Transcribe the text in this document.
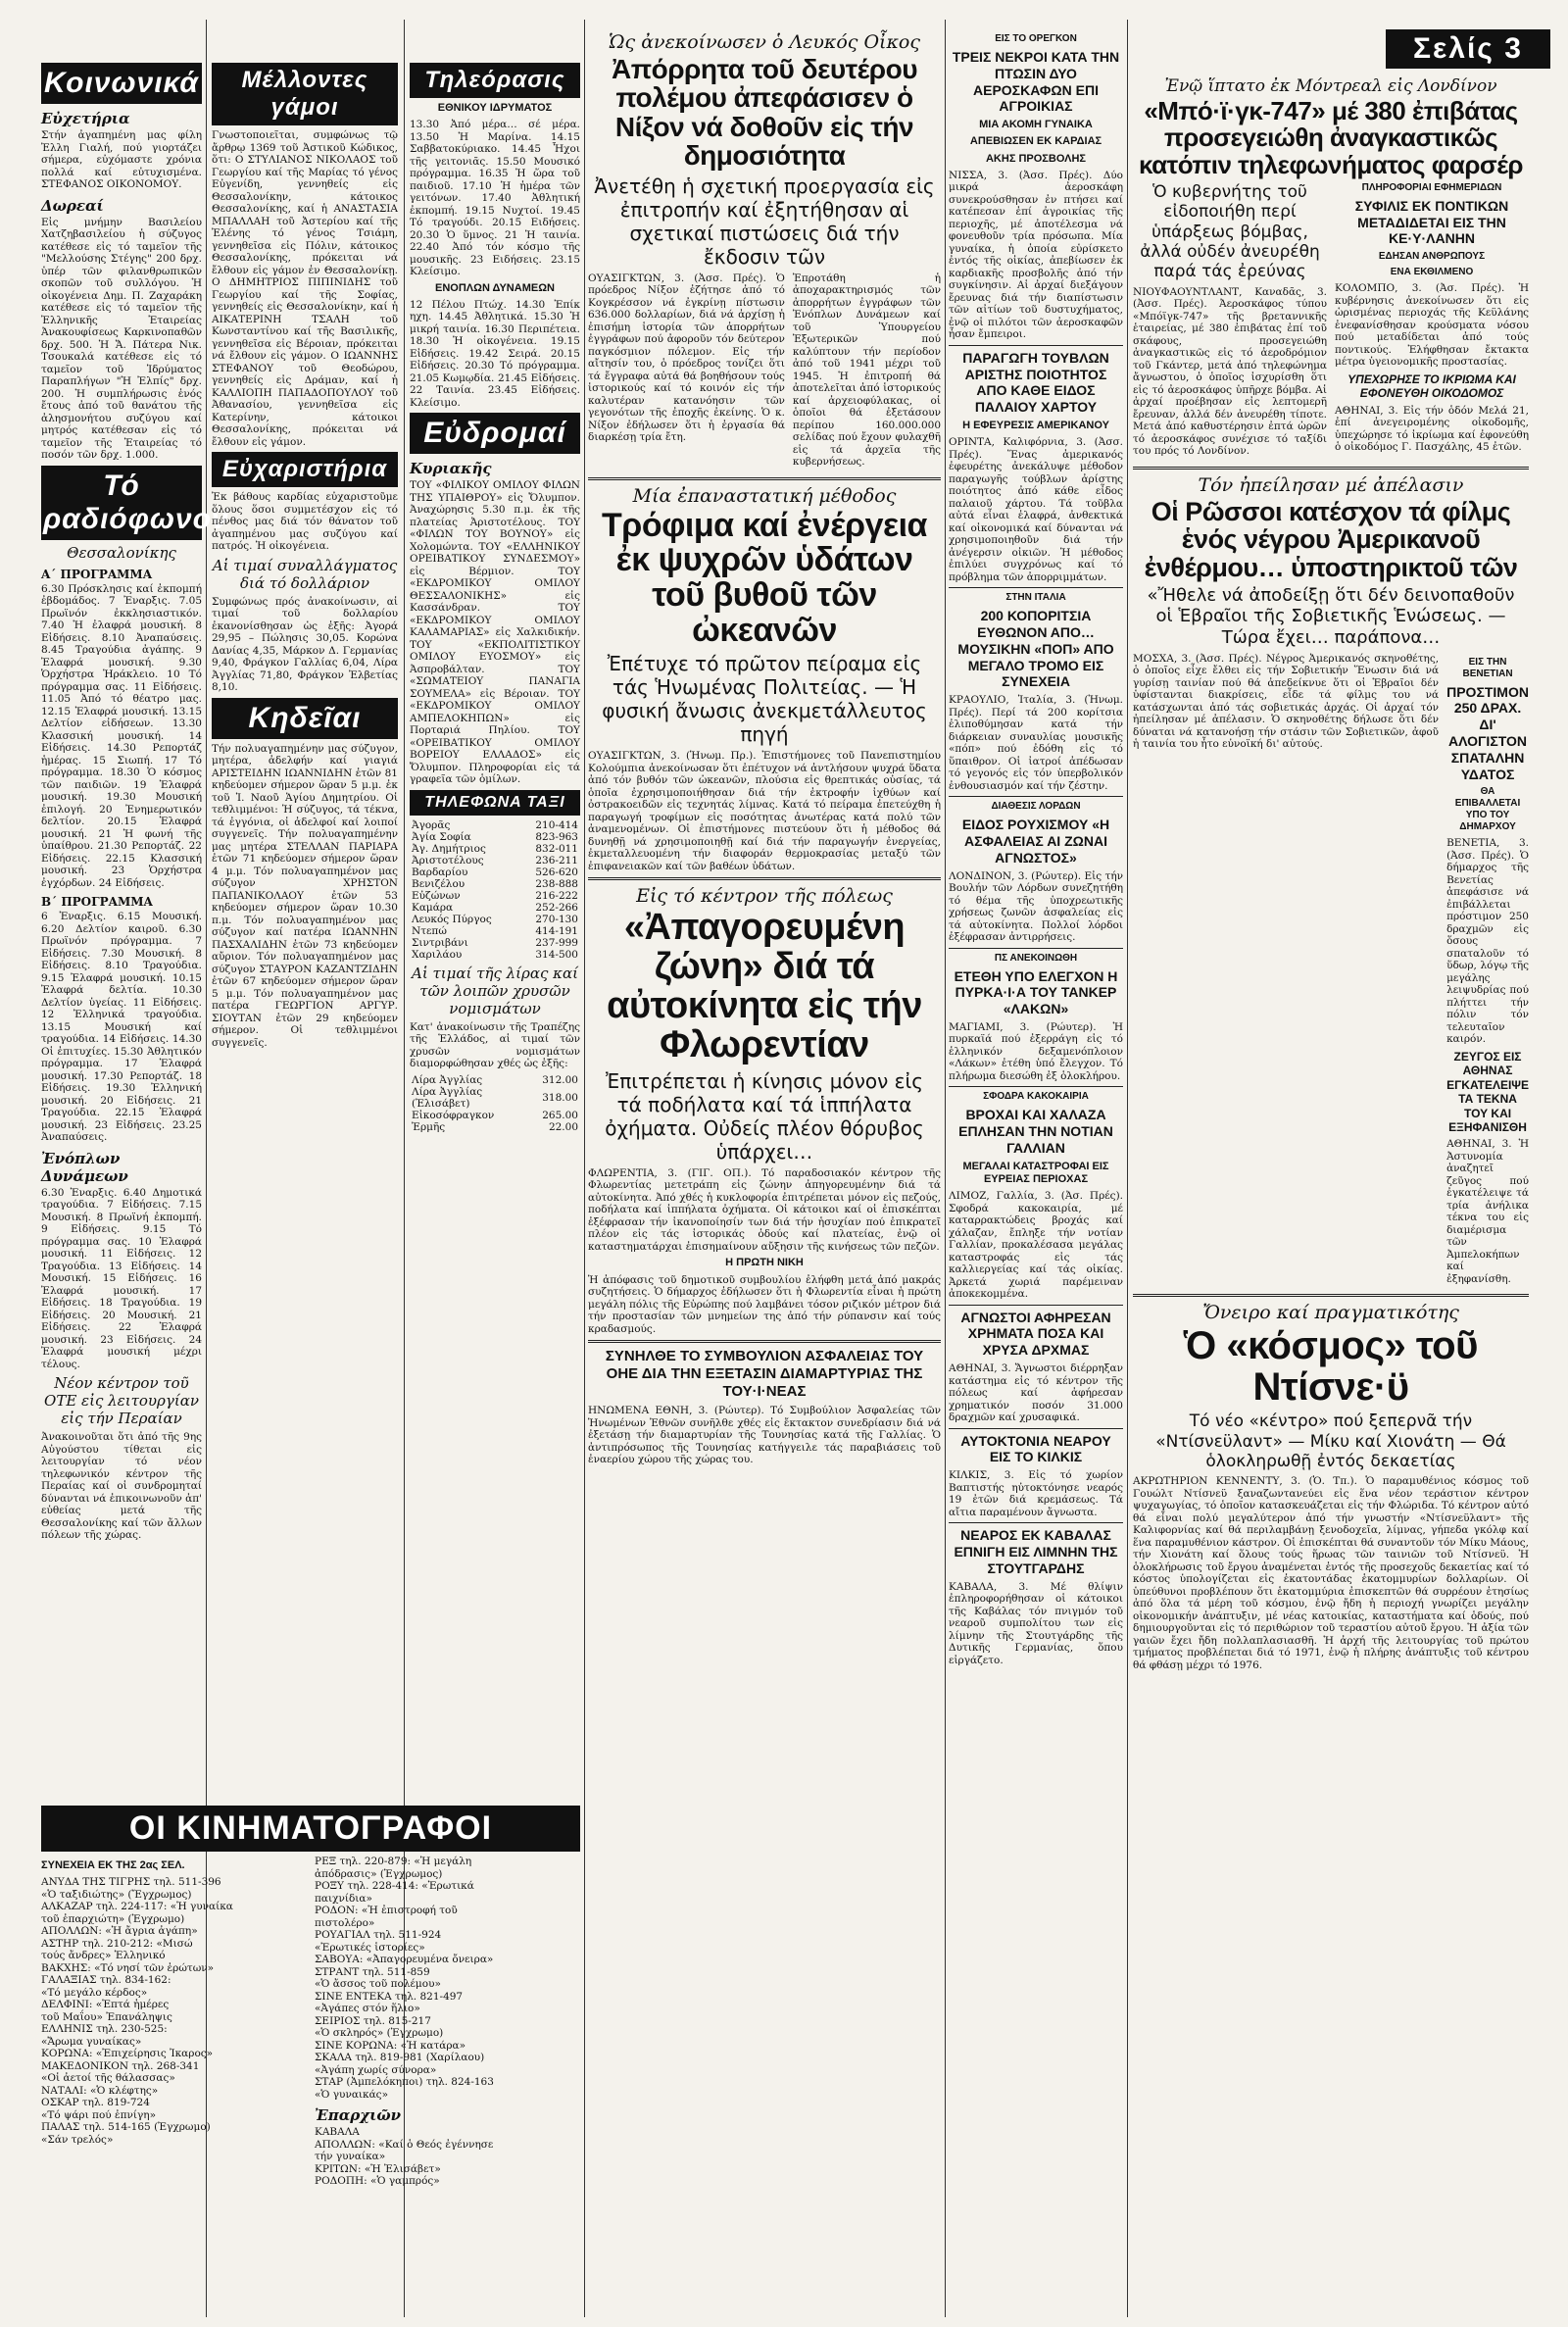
Σελίς 3
Κοινωνικά
Εὐχετήρια

Στήν ἀγαπημένη μας φίλη Ἐλλη Γιαλή, πού γιορτάζει σήμερα, εὐχόμαστε χρόνια πολλά καί εὐτυχισμένα. ΣΤΕΦΑΝΟΣ ΟΙΚΟΝΟΜΟΥ.

Δωρεαί

Εἰς μνήμην Βασιλείου Χατζηβασιλείου ἡ σύζυγος κατέθεσε εἰς τό ταμεῖον τῆς "Μελλούσης Στέγης" 200 δρχ. ὑπέρ τῶν φιλανθρωπικῶν σκοπῶν τοῦ συλλόγου. Ἡ οἰκογένεια Δημ. Π. Ζαχαράκη κατέθεσε εἰς τό ταμεῖον τῆς Ἐλληνικῆς Ἐταιρείας Ἀνακουφίσεως Καρκινοπαθῶν δρχ. 500. Ἡ Ἄ. Πάτερα Νικ. Τσουκαλά κατέθεσε εἰς τό ταμεῖον τοῦ Ἱδρύματος Παραπλήγων "Ἡ Ἐλπίς" δρχ. 200. Ἡ συμπλήρωσις ἑνός ἔτους ἀπό τοῦ θανάτου τῆς ἀλησμονήτου συζύγου καί μητρός κατέθεσαν εἰς τό ταμεῖον τῆς Ἐταιρείας τό ποσόν τῶν δρχ. 1.000.

Τό ραδιόφωνον
Θεσσαλονίκης
Α΄ ΠΡΟΓΡΑΜΜΑ

6.30 Πρόσκλησις καί ἐκπομπή ἐβδομάδος. 7 Ἐναρξις. 7.05 Πρωϊνόν ἐκκλησιαστικόν. 7.40 Ἡ ἐλαφρά μουσική. 8 Εἰδήσεις. 8.10 Ἀναπαύσεις. 8.45 Τραγούδια ἀγάπης. 9 Ἐλαφρά μουσική. 9.30 Ὁρχήστρα Ἡράκλειο. 10 Τό πρόγραμμα σας. 11 Εἰδήσεις. 11.05 Ἀπό τό θέατρο μας. 12.15 Ἐλαφρά μουσική. 13.15 Δελτίον εἰδήσεων. 13.30 Κλασσική μουσική. 14 Εἰδήσεις. 14.30 Ρεπορτάζ ἡμέρας. 15 Σιωπή. 17 Τό πρόγραμμα. 18.30 Ὁ κόσμος τῶν παιδιῶν. 19 Ἐλαφρά μουσική. 19.30 Μουσική ἐπιλογή. 20 Ἐνημερωτικόν δελτίον. 20.15 Ἐλαφρά μουσική. 21 Ἡ φωνή τῆς ὑπαίθρου. 21.30 Ρεπορτάζ. 22 Εἰδήσεις. 22.15 Κλασσική μουσική. 23 Ὁρχήστρα ἐγχόρδων. 24 Εἰδήσεις.

Β΄ ΠΡΟΓΡΑΜΜΑ

6 Ἐναρξις. 6.15 Μουσική. 6.20 Δελτίον καιροῦ. 6.30 Πρωϊνόν πρόγραμμα. 7 Εἰδήσεις. 7.30 Μουσική. 8 Εἰδήσεις. 8.10 Τραγούδια. 9.15 Ἐλαφρά μουσική. 10.15 Ἐλαφρά δελτία. 10.30 Δελτίον ὑγείας. 11 Εἰδήσεις. 12 Ἐλληνικά τραγούδια. 13.15 Μουσική καί τραγούδια. 14 Εἰδήσεις. 14.30 Οἱ ἐπιτυχίες. 15.30 Ἀθλητικόν πρόγραμμα. 17 Ἐλαφρά μουσική. 17.30 Ρεπορτάζ. 18 Εἰδήσεις. 19.30 Ἐλληνική μουσική. 20 Εἰδήσεις. 21 Τραγούδια. 22.15 Ἐλαφρά μουσική. 23 Εἰδήσεις. 23.25 Ἀναπαύσεις.

Ἐνόπλων Δυνάμεων

6.30 Ἐναρξις. 6.40 Δημοτικά τραγούδια. 7 Εἰδήσεις. 7.15 Μουσική. 8 Πρωϊνή ἐκπομπή. 9 Εἰδήσεις. 9.15 Τό πρόγραμμα σας. 10 Ἐλαφρά μουσική. 11 Εἰδήσεις. 12 Τραγούδια. 13 Εἰδήσεις. 14 Μουσική. 15 Εἰδήσεις. 16 Ἐλαφρά μουσική. 17 Εἰδήσεις. 18 Τραγούδια. 19 Εἰδήσεις. 20 Μουσική. 21 Εἰδήσεις. 22 Ἐλαφρά μουσική. 23 Εἰδήσεις. 24 Ἐλαφρά μουσική μέχρι τέλους.

Νέον κέντρον τοῦ ΟΤΕ εἰς λειτουργίαν εἰς τήν Περαίαν

Ἀνακοινοῦται ὅτι ἀπό τῆς 9ης Αὐγούστου τίθεται εἰς λειτουργίαν τό νέον τηλεφωνικόν κέντρον τῆς Περαίας καί οἱ συνδρομηταί δύνανται νά ἐπικοινωνοῦν ἀπ' εὐθείας μετά τῆς Θεσσαλονίκης καί τῶν ἄλλων πόλεων τῆς χώρας.

Μέλλοντες γάμοι

Γνωστοποιεῖται, συμφώνως τῷ ἄρθρῳ 1369 τοῦ Ἀστικοῦ Κώδικος, ὅτι: Ο ΣΤΥΛΙΑΝΟΣ ΝΙΚΟΛΑΟΣ τοῦ Γεωργίου καί τῆς Μαρίας τό γένος Εὐγενίδη, γεννηθείς εἰς Θεσσαλονίκην, κάτοικος Θεσσαλονίκης, καί ἡ ΑΝΑΣΤΑΣΙΑ ΜΠΑΛΛΑΗ τοῦ Ἀστερίου καί τῆς Ἐλένης τό γένος Τσιάμη, γεννηθεῖσα εἰς Πόλιν, κάτοικος Θεσσαλονίκης, πρόκειται νά ἔλθουν εἰς γάμον ἐν Θεσσαλονίκῃ. Ο ΔΗΜΗΤΡΙΟΣ ΠΙΠΙΝΙΔΗΣ τοῦ Γεωργίου καί τῆς Σοφίας, γεννηθείς εἰς Θεσσαλονίκην, καί ἡ ΑΙΚΑΤΕΡΙΝΗ ΤΣΑΛΗ τοῦ Κωνσταντίνου καί τῆς Βασιλικῆς, γεννηθεῖσα εἰς Βέροιαν, πρόκειται νά ἔλθουν εἰς γάμον. Ο ΙΩΑΝΝΗΣ ΣΤΕΦΑΝΟΥ τοῦ Θεοδώρου, γεννηθείς εἰς Δράμαν, καί ἡ ΚΑΛΛΙΟΠΗ ΠΑΠΑΔΟΠΟΥΛΟΥ τοῦ Ἀθανασίου, γεννηθεῖσα εἰς Κατερίνην, κάτοικοι Θεσσαλονίκης, πρόκειται νά ἔλθουν εἰς γάμον.

Εὐχαριστήρια

Ἐκ βάθους καρδίας εὐχαριστοῦμε ὅλους ὅσοι συμμετέσχον εἰς τό πένθος μας διά τόν θάνατον τοῦ ἀγαπημένου μας συζύγου καί πατρός. Ἡ οἰκογένεια.

Αἱ τιμαί συναλλάγματος διά τό δολλάριον

Συμφώνως πρός ἀνακοίνωσιν, αἱ τιμαί τοῦ δολλαρίου ἐκανονίσθησαν ὡς ἑξῆς: Ἀγορά 29,95 – Πώλησις 30,05. Κορώνα Δανίας 4,35, Μάρκον Δ. Γερμανίας 9,40, Φράγκον Γαλλίας 6,04, Λίρα Ἀγγλίας 71,80, Φράγκον Ἐλβετίας 8,10.

Κηδεῖαι

Τήν πολυαγαπημένην μας σύζυγον, μητέρα, ἀδελφήν καί γιαγιά ΑΡΙΣΤΕΙΔΗΝ ΙΩΑΝΝΙΔΗΝ ἐτῶν 81 κηδεύομεν σήμερον ὥραν 5 μ.μ. ἐκ τοῦ Ἱ. Ναοῦ Ἁγίου Δημητρίου. Οἱ τεθλιμμένοι: Ἡ σύζυγος, τά τέκνα, τά ἐγγόνια, οἱ ἀδελφοί καί λοιποί συγγενεῖς. Τήν πολυαγαπημένην μας μητέρα ΣΤΕΛΛΑΝ ΠΑΡΙΑΡΑ ἐτῶν 71 κηδεύομεν σήμερον ὥραν 4 μ.μ. Τόν πολυαγαπημένον μας σύζυγον ΧΡΗΣΤΟΝ ΠΑΠΑΝΙΚΟΛΑΟΥ ἐτῶν 53 κηδεύομεν σήμερον ὥραν 10.30 π.μ. Τόν πολυαγαπημένον μας σύζυγον καί πατέρα ΙΩΑΝΝΗΝ ΠΑΣΧΑΛΙΔΗΝ ἐτῶν 73 κηδεύομεν αὔριον. Τόν πολυαγαπημένον μας σύζυγον ΣΤΑΥΡΟΝ ΚΑΖΑΝΤΖΙΔΗΝ ἐτῶν 67 κηδεύομεν σήμερον ὥραν 5 μ.μ. Τόν πολυαγαπημένον μας πατέρα ΓΕΩΡΓΙΟΝ ΑΡΓΥΡ. ΣΙΟΥΤΑΝ ἐτῶν 29 κηδεύομεν σήμερον. Οἱ τεθλιμμένοι συγγενεῖς.

Τηλεόρασις
ΕΘΝΙΚΟΥ ΙΔΡΥΜΑΤΟΣ

13.30 Ἀπό μέρα… σέ μέρα. 13.50 Ἡ Μαρίνα. 14.15 Σαββατοκύριακο. 14.45 Ἦχοι τῆς γειτονιᾶς. 15.50 Μουσικό πρόγραμμα. 16.35 Ἡ ὥρα τοῦ παιδιοῦ. 17.10 Ἡ ἡμέρα τῶν γειτόνων. 17.40 Ἀθλητική ἐκπομπή. 19.15 Νυχτοί. 19.45 Τό τραγούδι. 20.15 Ειδήσεις. 20.30 Ὁ ὕμνος. 21 Ἡ ταινία. 22.40 Ἀπό τόν κόσμο τῆς μουσικῆς. 23 Ειδήσεις. 23.15 Κλείσιμο.

ΕΝΟΠΛΩΝ ΔΥΝΑΜΕΩΝ

12 Πέλου Πτώχ. 14.30 Ἐπίκ ηχη. 14.45 Ἀθλητικά. 15.30 Ἡ μικρή ταινία. 16.30 Περιπέτεια. 18.30 Ἡ οἰκογένεια. 19.15 Εἰδήσεις. 19.42 Σειρά. 20.15 Εἰδήσεις. 20.30 Τό πρόγραμμα. 21.05 Κωμῳδία. 21.45 Εἰδήσεις. 22 Ταινία. 23.45 Εἰδήσεις. Κλείσιμο.

Εὐδρομαί
Κυριακῆς

ΤΟΥ «ΦΙΛΙΚΟΥ ΟΜΙΛΟΥ ΦΙΛΩΝ ΤΗΣ ΥΠΑΙΘΡΟΥ» εἰς Ὄλυμπον. Ἀναχώρησις 5.30 π.μ. ἐκ τῆς πλατείας Ἀριστοτέλους. ΤΟΥ «ΦΙΛΩΝ ΤΟΥ ΒΟΥΝΟΥ» εἰς Χολομώντα. ΤΟΥ «ΕΛΛΗΝΙΚΟΥ ΟΡΕΙΒΑΤΙΚΟΥ ΣΥΝΔΕΣΜΟΥ» εἰς Βέρμιον. ΤΟΥ «ΕΚΔΡΟΜΙΚΟΥ ΟΜΙΛΟΥ ΘΕΣΣΑΛΟΝΙΚΗΣ» εἰς Κασσάνδραν. ΤΟΥ «ΕΚΔΡΟΜΙΚΟΥ ΟΜΙΛΟΥ ΚΑΛΑΜΑΡΙΑΣ» εἰς Χαλκιδικήν. ΤΟΥ «ΕΚΠΟΛΙΤΙΣΤΙΚΟΥ ΟΜΙΛΟΥ ΕΥΟΣΜΟΥ» εἰς Ἀσπροβάλταν. ΤΟΥ «ΣΩΜΑΤΕΙΟΥ ΠΑΝΑΓΙΑ ΣΟΥΜΕΛΑ» εἰς Βέροιαν. ΤΟΥ «ΕΚΔΡΟΜΙΚΟΥ ΟΜΙΛΟΥ ΑΜΠΕΛΟΚΗΠΩΝ» εἰς Πορταριά Πηλίου. ΤΟΥ «ΟΡΕΙΒΑΤΙΚΟΥ ΟΜΙΛΟΥ ΒΟΡΕΙΟΥ ΕΛΛΑΔΟΣ» εἰς Ὄλυμπον. Πληροφορίαι εἰς τά γραφεῖα τῶν ὁμίλων.

ΤΗΛΕΦΩΝΑ ΤΑΞΙ
Ἀγορᾶς	210-414
Ἀγία Σοφία	823-963
Ἀγ. Δημήτριος	832-011
Ἀριστοτέλους	236-211
Βαρδαρίου	526-620
Βενιζέλου	238-888
Εὐζώνων	216-222
Καμάρα	252-266
Λευκός Πύργος	270-130
Ντεπώ	414-191
Σιντριβάνι	237-999
Χαριλάου	314-500
Αἱ τιμαί τῆς λίρας καί τῶν λοιπῶν χρυσῶν νομισμάτων

Κατ' ἀνακοίνωσιν τῆς Τραπέζης τῆς Ἑλλάδος, αἱ τιμαί τῶν χρυσῶν νομισμάτων διαμορφώθησαν χθές ὡς ἑξῆς:

Λίρα Ἀγγλίας	312.00
Λίρα Ἀγγλίας (Ἐλισάβετ)	318.00
Εἰκοσόφραγκον	265.00
Ἐρμῆς	22.00
ΟΙ ΚΙΝΗΜΑΤΟΓΡΑΦΟΙ
ΣΥΝΕΧΕΙΑ ΕΚ ΤΗΣ 2ας ΣΕΛ.
ΑΝΥΔΑ ΤΗΣ ΤΙΓΡΗΣ τηλ. 511-396
«Ὁ ταξιδιώτης» (Ἔγχρωμος)
ΑΛΚΑΖΑΡ τηλ. 224-117: «Ἡ γυναίκα
τοῦ ἐπαρχιώτη» (Ἐγχρωμο)
ΑΠΟΛΛΩΝ: «Ἡ ἄγρια ἀγάπη»
ΑΣΤΗΡ τηλ. 210-212: «Μισώ
τούς ἄνδρες» Ἑλληνικό
ΒΑΚΧΗΣ: «Τό νησί τῶν ἐρώτων»
ΓΑΛΑΞΙΑΣ τηλ. 834-162:
«Τό μεγάλο κέρδος»
ΔΕΛΦΙΝΙ: «Ἑπτά ἡμέρες
τοῦ Μαΐου» Ἐπανάληψις
ΕΛΛΗΝΙΣ τηλ. 230-525:
«Ἄρωμα γυναίκας»
ΚΟΡΩΝΑ: «Ἐπιχείρησις Ἰκαρος»
ΜΑΚΕΔΟΝΙΚΟΝ τηλ. 268-341
«Οἱ ἀετοί τῆς θάλασσας»
ΝΑΤΑΛΙ: «Ὁ κλέφτης»
ΟΣΚΑΡ τηλ. 819-724
«Τό ψάρι πού ἐπνίγη»
ΠΑΛΑΣ τηλ. 514-165 (Ἐγχρωμο)
«Σάν τρελός»
ΡΕΞ τηλ. 220-879: «Ἡ μεγάλη
ἀπόδρασις» (Ἐγχρωμος)
ΡΟΞΥ τηλ. 228-414: «Ἑρωτικά
παιχνίδια»
ΡΟΔΟΝ: «Ἡ ἐπιστροφή τοῦ
πιστολέρο»
ΡΟΥΑΓΙΑΛ τηλ. 511-924
«Ἐρωτικές ἱστορίες»
ΣΑΒΟΥΑ: «Ἀπαγορευμένα ὄνειρα»
ΣΤΡΑΝΤ τηλ. 511-859
«Ὁ ἄσσος τοῦ πολέμου»
ΣΙΝΕ ΕΝΤΕΚΑ τηλ. 821-497
«Ἀγάπες στόν ἥλιο»
ΣΕΙΡΙΟΣ τηλ. 815-217
«Ὁ σκληρός» (Ἐγχρωμο)
ΣΙΝΕ ΚΟΡΩΝΑ: «Ἡ κατάρα»
ΣΚΑΛΑ τηλ. 819-981 (Χαρίλαου)
«Ἀγάπη χωρίς σύνορα»
ΣΤΑΡ (Ἀμπελόκηποι) τηλ. 824-163
«Ὁ γυναικάς»
Ἐπαρχιῶν
ΚΑΒΑΛΑ
ΑΠΟΛΛΩΝ: «Καί ὁ Θεός ἐγέννησε
τήν γυναίκα»
ΚΡΙΤΩΝ: «Ἡ Ἐλισάβετ»
ΡΟΔΟΠΗ: «Ὁ γαμπρός»
Ὡς ἀνεκοίνωσεν ὁ Λευκός Οἶκος
Ἀπόρρητα τοῦ δευτέρου πολέμου ἀπεφάσισεν ὁ Νίξον νά δοθοῦν εἰς τήν δημοσιότητα
Ἀνετέθη ἡ σχετική προεργασία εἰς ἐπιτροπήν καί ἐξητήθησαν αἱ σχετικαί πιστώσεις διά τήν ἔκδοσιν τῶν

ΟΥΑΣΙΓΚΤΩΝ, 3. (Ἀσσ. Πρές). Ὁ πρόεδρος Νίξον ἐζήτησε ἀπό τό Κογκρέσσον νά ἐγκρίνῃ πίστωσιν 636.000 δολλαρίων, διά νά ἀρχίσῃ ἡ ἐπισήμη ἱστορία τῶν ἀπορρήτων ἐγγράφων πού ἀφοροῦν τόν δεύτερον παγκόσμιον πόλεμον. Εἰς τήν αἴτησίν του, ὁ πρόεδρος τονίζει ὅτι τά ἔγγραφα αὐτά θά βοηθήσουν τούς ἱστορικούς καί τό κοινόν εἰς τήν καλυτέραν κατανόησιν τῶν γεγονότων τῆς ἐποχῆς ἐκείνης. Ὁ κ. Νίξον ἐδήλωσεν ὅτι ἡ ἐργασία θά διαρκέσῃ τρία ἔτη.

Ἐπροτάθη ἡ ἀποχαρακτηρισμός τῶν ἀπορρήτων ἐγγράφων τῶν Ἐνόπλων Δυνάμεων καί τοῦ Ὑπουργείου Ἐξωτερικῶν πού καλύπτουν τήν περίοδον ἀπό τοῦ 1941 μέχρι τοῦ 1945. Ἡ ἐπιτροπή θά ἀποτελεῖται ἀπό ἱστορικούς καί ἀρχειοφύλακας, οἱ ὁποῖοι θά ἐξετάσουν περίπου 160.000.000 σελίδας πού ἔχουν φυλαχθῆ εἰς τά ἀρχεῖα τῆς κυβερνήσεως.

Μία ἐπαναστατική μέθοδος
Τρόφιμα καί ἐνέργεια ἐκ ψυχρῶν ὑδάτων τοῦ βυθοῦ τῶν ὠκεανῶν
Ἐπέτυχε τό πρῶτον πείραμα εἰς τάς Ἡνωμένας Πολιτείας. — Ἡ φυσική ἄνωσις ἀνεκμετάλλευτος πηγή

ΟΥΑΣΙΓΚΤΩΝ, 3. (Ἡνωμ. Πρ.). Ἐπιστήμονες τοῦ Πανεπιστημίου Κολούμπια ἀνεκοίνωσαν ὅτι ἐπέτυχον νά ἀντλήσουν ψυχρά ὕδατα ἀπό τόν βυθόν τῶν ὠκεανῶν, πλούσια εἰς θρεπτικάς οὐσίας, τά ὁποῖα ἐχρησιμοποιήθησαν διά τήν ἐκτροφήν ἰχθύων καί ὀστρακοειδῶν εἰς τεχνητάς λίμνας. Κατά τό πείραμα ἐπετεύχθη ἡ παραγωγή τροφίμων εἰς ποσότητας ἀνωτέρας κατά πολύ τῶν ἀναμενομένων. Οἱ ἐπιστήμονες πιστεύουν ὅτι ἡ μέθοδος θά δυνηθῇ νά χρησιμοποιηθῇ καί διά τήν παραγωγήν ἐνεργείας, ἐκμεταλλευομένη τήν διαφοράν θερμοκρασίας μεταξύ τῶν ἐπιφανειακῶν καί τῶν βαθέων ὑδάτων.

Εἰς τό κέντρον τῆς πόλεως
«Ἀπαγορευμένη ζώνη» διά τά αὐτοκίνητα εἰς τήν Φλωρεντίαν
Ἐπιτρέπεται ἡ κίνησις μόνον εἰς τά ποδήλατα καί τά ἱππήλατα ὀχήματα. Οὐδείς πλέον θόρυβος ὑπάρχει…

ΦΛΩΡΕΝΤΙΑ, 3. (ΓΙΓ. ΟΠ.). Τό παραδοσιακόν κέντρον τῆς Φλωρεντίας μετετράπη εἰς ζώνην ἀπηγορευμένην διά τά αὐτοκίνητα. Ἀπό χθές ἡ κυκλοφορία ἐπιτρέπεται μόνον εἰς πεζούς, ποδήλατα καί ἱππήλατα ὀχήματα. Οἱ κάτοικοι καί οἱ ἐπισκέπται ἐξέφρασαν τήν ἱκανοποίησίν των διά τήν ἡσυχίαν πού ἐπικρατεῖ πλέον εἰς τάς ἱστορικάς ὁδούς καί πλατείας, ἐνῷ οἱ καταστηματάρχαι ἐπισημαίνουν αὔξησιν τῆς κινήσεως τῶν πεζῶν.

Η ΠΡΩΤΗ ΝΙΚΗ

Ἡ ἀπόφασις τοῦ δημοτικοῦ συμβουλίου ἐλήφθη μετά ἀπό μακράς συζητήσεις. Ὁ δήμαρχος ἐδήλωσεν ὅτι ἡ Φλωρεντία εἶναι ἡ πρώτη μεγάλη πόλις τῆς Εὐρώπης πού λαμβάνει τόσον ριζικόν μέτρον διά τήν προστασίαν τῶν μνημείων της ἀπό τήν ρύπανσιν καί τούς κραδασμούς.

ΣΥΝΗΛΘΕ ΤΟ ΣΥΜΒΟΥΛΙΟΝ ΑΣΦΑΛΕΙΑΣ ΤΟΥ ΟΗΕ ΔΙΑ ΤΗΝ ΕΞΕΤΑΣΙΝ ΔΙΑΜΑΡΤΥΡΙΑΣ ΤΗΣ ΤΟΥ·Ι·ΝΕΑΣ

ΗΝΩΜΕΝΑ ΕΘΝΗ, 3. (Ρώυτερ). Τό Συμβούλιον Ἀσφαλείας τῶν Ἡνωμένων Ἐθνῶν συνῆλθε χθές εἰς ἔκτακτον συνεδρίασιν διά νά ἐξετάσῃ τήν διαμαρτυρίαν τῆς Τουνησίας κατά τῆς Γαλλίας. Ὁ ἀντιπρόσωπος τῆς Τουνησίας κατήγγειλε τάς παραβιάσεις τοῦ ἐναερίου χώρου τῆς χώρας του.

ΕΙΣ ΤΟ ΟΡΕΓΚΟΝ
ΤΡΕΙΣ ΝΕΚΡΟΙ ΚΑΤΑ ΤΗΝ ΠΤΩΣΙΝ ΔΥΟ ΑΕΡΟΣΚΑΦΩΝ ΕΠΙ ΑΓΡΟΙΚΙΑΣ
ΜΙΑ ΑΚΟΜΗ ΓΥΝΑΙΚΑ
ΑΠΕΒΙΩΣΕΝ ΕΚ ΚΑΡΔΙΑΣ
ΑΚΗΣ ΠΡΟΣΒΟΛΗΣ

ΝΙΣΣΑ, 3. (Ἀσσ. Πρές). Δύο μικρά ἀεροσκάφη συνεκρούσθησαν ἐν πτήσει καί κατέπεσαν ἐπί ἀγροικίας τῆς περιοχῆς, μέ ἀποτέλεσμα νά φονευθοῦν τρία πρόσωπα. Μία γυναίκα, ἡ ὁποία εὑρίσκετο ἐντός τῆς οἰκίας, ἀπεβίωσεν ἐκ καρδιακῆς προσβολῆς ἀπό τήν συγκίνησιν. Αἱ ἀρχαί διεξάγουν ἔρευνας διά τήν διαπίστωσιν τῶν αἰτίων τοῦ δυστυχήματος, ἐνῷ οἱ πιλότοι τῶν ἀεροσκαφῶν ἦσαν ἔμπειροι.

ΠΑΡΑΓΩΓΗ ΤΟΥΒΛΩΝ ΑΡΙΣΤΗΣ ΠΟΙΟΤΗΤΟΣ ΑΠΟ ΚΑΘΕ ΕΙΔΟΣ ΠΑΛΑΙΟΥ ΧΑΡΤΟΥ
Η ΕΦΕΥΡΕΣΙΣ ΑΜΕΡΙΚΑΝΟΥ

ΟΡΙΝΤΑ, Καλιφόρνια, 3. (Ἀσσ. Πρές). Ἕνας ἀμερικανός ἐφευρέτης ἀνεκάλυψε μέθοδον παραγωγῆς τούβλων ἀρίστης ποιότητος ἀπό κάθε εἶδος παλαιοῦ χάρτου. Τά τοῦβλα αὐτά εἶναι ἐλαφρά, ἀνθεκτικά καί οἰκονομικά καί δύνανται νά χρησιμοποιηθοῦν διά τήν ἀνέγερσιν οἰκιῶν. Ἡ μέθοδος ἐπιλύει συγχρόνως καί τό πρόβλημα τῶν ἀπορριμμάτων.

ΣΤΗΝ ΙΤΑΛΙΑ
200 ΚΟΠΟΡΙΤΣΙΑ ΕΥΘΩΝΟΝ ΑΠΟ… ΜΟΥΣΙΚΗΝ «ΠΟΠ» ΑΠΟ ΜΕΓΑΛΟ ΤΡΟΜΟ ΕΙΣ ΣΥΝΕΧΕΙΑ

ΚΡΑΟΥΛΙΟ, Ἰταλία, 3. (Ἡνωμ. Πρές). Περί τά 200 κορίτσια ἐλιποθύμησαν κατά τήν διάρκειαν συναυλίας μουσικῆς «πόπ» πού ἐδόθη εἰς τό ὕπαιθρον. Οἱ ἰατροί ἀπέδωσαν τό γεγονός εἰς τόν ὑπερβολικόν ἐνθουσιασμόν καί τήν ζέστην.

ΔΙΑΘΕΣΙΣ ΛΟΡΔΩΝ
ΕΙΔΟΣ ΡΟΥΧΙΣΜΟΥ «Η ΑΣΦΑΛΕΙΑΣ ΑΙ ΖΩΝΑΙ ΑΓΝΩΣΤΟΣ»

ΛΟΝΔΙΝΟΝ, 3. (Ρώυτερ). Εἰς τήν Βουλήν τῶν Λόρδων συνεζητήθη τό θέμα τῆς ὑποχρεωτικῆς χρήσεως ζωνῶν ἀσφαλείας εἰς τά αὐτοκίνητα. Πολλοί λόρδοι ἐξέφρασαν ἀντιρρήσεις.

ΠΣ ΑΝΕΚΟΙΝΩΘΗ
ΕΤΕΘΗ ΥΠΟ ΕΛΕΓΧΟΝ Η ΠΥΡΚΑ·Ι·Α ΤΟΥ ΤΑΝΚΕΡ «ΛΑΚΩΝ»

ΜΑΓΙΑΜΙ, 3. (Ρώυτερ). Ἡ πυρκαϊά πού ἐξερράγη εἰς τό ἑλληνικόν δεξαμενόπλοιον «Λάκων» ἐτέθη ὑπό ἔλεγχον. Τό πλήρωμα διεσώθη ἐξ ὁλοκλήρου.

ΣΦΟΔΡΑ ΚΑΚΟΚΑΙΡΙΑ
ΒΡΟΧΑΙ ΚΑΙ ΧΑΛΑΖΑ ΕΠΛΗΣΑΝ ΤΗΝ ΝΟΤΙΑΝ ΓΑΛΛΙΑΝ
ΜΕΓΑΛΑΙ ΚΑΤΑΣΤΡΟΦΑΙ ΕΙΣ ΕΥΡΕΙΑΣ ΠΕΡΙΟΧΑΣ

ΛΙΜΟΖ, Γαλλία, 3. (Ἀσ. Πρές). Σφοδρά κακοκαιρία, μέ καταρρακτώδεις βροχάς καί χάλαζαν, ἔπληξε τήν νοτίαν Γαλλίαν, προκαλέσασα μεγάλας καταστροφάς εἰς τάς καλλιεργείας καί τάς οἰκίας. Ἀρκετά χωριά παρέμειναν ἀποκεκομμένα.

ΑΓΝΩΣΤΟΙ ΑΦΗΡΕΣΑΝ ΧΡΗΜΑΤΑ ΠΟΣΑ ΚΑΙ ΧΡΥΣΑ ΔΡΧΜΑΣ

ΑΘΗΝΑΙ, 3. Ἄγνωστοι διέρρηξαν κατάστημα εἰς τό κέντρον τῆς πόλεως καί ἀφήρεσαν χρηματικόν ποσόν 31.000 δραχμῶν καί χρυσαφικά.

ΑΥΤΟΚΤΟΝΙΑ ΝΕΑΡΟΥ ΕΙΣ ΤΟ ΚΙΛΚΙΣ

ΚΙΛΚΙΣ, 3. Εἰς τό χωρίον Βαπτιστής ηὐτοκτόνησε νεαρός 19 ἐτῶν διά κρεμάσεως. Τά αἴτια παραμένουν ἄγνωστα.

ΝΕΑΡΟΣ ΕΚ ΚΑΒΑΛΑΣ ΕΠΝΙΓΗ ΕΙΣ ΛΙΜΝΗΝ ΤΗΣ ΣΤΟΥΤΓΑΡΔΗΣ

ΚΑΒΑΛΑ, 3. Μέ θλίψιν ἐπληροφορήθησαν οἱ κάτοικοι τῆς Καβάλας τόν πνιγμόν τοῦ νεαροῦ συμπολίτου των εἰς λίμνην τῆς Στουτγάρδης τῆς Δυτικῆς Γερμανίας, ὅπου εἰργάζετο.

Ἐνῷ ἵπτατο ἐκ Μόντρεαλ εἰς Λονδίνον
«Μπό·ϊ·γκ-747» μέ 380 ἐπιβάτας προσεγειώθη ἀναγκαστικῶς κατόπιν τηλεφωνήματος φαρσέρ
Ὁ κυβερνήτης τοῦ εἰδοποιήθη περί ὑπάρξεως βόμβας, ἀλλά οὐδέν ἀνευρέθη παρά τάς ἐρεύνας

ΝΙΟΥΦΑΟΥΝΤΛΑΝΤ, Καναδᾶς, 3. (Ἀσσ. Πρές). Ἀεροσκάφος τύπου «Μπόϊγκ-747» τῆς βρεταννικῆς ἑταιρείας, μέ 380 ἐπιβάτας ἐπί τοῦ σκάφους, προσεγειώθη ἀναγκαστικῶς εἰς τό ἀεροδρόμιον τοῦ Γκάντερ, μετά ἀπό τηλεφώνημα ἄγνωστου, ὁ ὁποῖος ἰσχυρίσθη ὅτι εἰς τό ἀεροσκάφος ὑπῆρχε βόμβα. Αἱ ἀρχαί προέβησαν εἰς λεπτομερῆ ἔρευναν, ἀλλά δέν ἀνευρέθη τίποτε. Μετά ἀπό καθυστέρησιν ἐπτά ὡρῶν τό ἀεροσκάφος συνέχισε τό ταξίδι του πρός τό Λονδίνον.

ΠΛΗΡΟΦΟΡΙΑΙ ΕΦΗΜΕΡΙΔΩΝ
ΣΥΦΙΛΙΣ ΕΚ ΠΟΝΤΙΚΩΝ ΜΕΤΑΔΙΔΕΤΑΙ ΕΙΣ ΤΗΝ ΚΕ·Υ·ΛΑΝΗΝ
ΕΔΗΣΑΝ ΑΝΘΡΩΠΟΥΣ
ΕΝΑ ΕΚΘΙΛΜΕΝΟ

ΚΟΛΟΜΠΟ, 3. (Ἀσ. Πρές). Ἡ κυβέρνησις ἀνεκοίνωσεν ὅτι εἰς ὡρισμένας περιοχάς τῆς Κεϋλάνης ἐνεφανίσθησαν κρούσματα νόσου πού μεταδίδεται ἀπό τούς ποντικούς. Ἐλήφθησαν ἔκτακτα μέτρα ὑγειονομικῆς προστασίας.

ΥΠΕΧΩΡΗΣΕ ΤΟ ΙΚΡΙΩΜΑ ΚΑΙ ΕΦΟΝΕΥΘΗ ΟΙΚΟΔΟΜΟΣ

ΑΘΗΝΑΙ, 3. Εἰς τήν ὁδόν Μελά 21, ἐπί ἀνεγειρομένης οἰκοδομῆς, ὑπεχώρησε τό ἰκρίωμα καί ἐφονεύθη ὁ οἰκοδόμος Γ. Πασχάλης, 45 ἐτῶν.

Τόν ἠπείλησαν μέ ἀπέλασιν
Οἱ Ρῶσσοι κατέσχον τά φίλμς ἑνός νέγρου Ἀμερικανοῦ ἐνθέρμου… ὑποστηρικτοῦ τῶν
«Ἤθελε νά ἀποδείξῃ ὅτι δέν δεινοπαθοῦν οἱ Ἑβραῖοι τῆς Σοβιετικῆς Ἑνώσεως. — Τώρα ἔχει… παράπονα…

ΜΟΣΧΑ, 3. (Ἀσσ. Πρές). Νέγρος Ἀμερικανός σκηνοθέτης, ὁ ὁποῖος εἶχε ἔλθει εἰς τήν Σοβιετικήν Ἕνωσιν διά νά γυρίσῃ ταινίαν πού θά ἀπεδείκνυε ὅτι οἱ Ἑβραῖοι δέν ὑφίστανται διακρίσεις, εἶδε τά φίλμς του νά κατάσχωνται ἀπό τάς σοβιετικάς ἀρχάς. Οἱ ἀρχαί τόν ἠπείλησαν μέ ἀπέλασιν. Ὁ σκηνοθέτης δήλωσε ὅτι δέν δύναται νά κατανοήσῃ τήν στάσιν τῶν Σοβιετικῶν, ἀφοῦ ἡ ταινία του ἦτο εὐνοϊκή δι' αὐτούς.

ΕΙΣ ΤΗΝ ΒΕΝΕΤΙΑΝ
ΠΡΟΣΤΙΜΟΝ 250 ΔΡΑΧ. ΔΙ' ΑΛΟΓΙΣΤΟΝ ΣΠΑΤΑΛΗΝ ΥΔΑΤΟΣ
ΘΑ ΕΠΙΒΑΛΛΕΤΑΙ ΥΠΟ ΤΟΥ ΔΗΜΑΡΧΟΥ

ΒΕΝΕΤΙΑ, 3. (Ἀσσ. Πρές). Ὁ δήμαρχος τῆς Βενετίας ἀπεφάσισε νά ἐπιβάλλεται πρόστιμον 250 δραχμῶν εἰς ὅσους σπαταλοῦν τό ὕδωρ, λόγῳ τῆς μεγάλης λειψυδρίας πού πλήττει τήν πόλιν τόν τελευταῖον καιρόν.

ΖΕΥΓΟΣ ΕΙΣ ΑΘΗΝΑΣ ΕΓΚΑΤΕΛΕΙΨΕ ΤΑ ΤΕΚΝΑ ΤΟΥ ΚΑΙ ΕΞΗΦΑΝΙΣΘΗ

ΑΘΗΝΑΙ, 3. Ἡ Ἀστυνομία ἀναζητεῖ ζεῦγος πού ἐγκατέλειψε τά τρία ἀνήλικα τέκνα του εἰς διαμέρισμα τῶν Ἀμπελοκήπων καί ἐξηφανίσθη.

Ὄνειρο καί πραγματικότης
Ὁ «κόσμος» τοῦ Ντίσνε·ϋ
Τό νέο «κέντρο» πού ξεπερνᾶ τήν «Ντίσνεϋλαντ» — Μίκυ καί Χιονάτη — Θά ὁλοκληρωθῇ ἐντός δεκαετίας

ΑΚΡΩΤΗΡΙΟΝ ΚΕΝΝΕΝΤΥ, 3. (Ὁ. Τπ.). Ὁ παραμυθένιος κόσμος τοῦ Γουώλτ Ντίσνεϋ ξαναζωντανεύει εἰς ἕνα νέον τεράστιον κέντρον ψυχαγωγίας, τό ὁποῖον κατασκευάζεται εἰς τήν Φλώριδα. Τό κέντρον αὐτό θά εἶναι πολύ μεγαλύτερον ἀπό τήν γνωστήν «Ντίσνεϋλαντ» τῆς Καλιφορνίας καί θά περιλαμβάνῃ ξενοδοχεῖα, λίμνας, γήπεδα γκόλφ καί ἕνα παραμυθένιον κάστρον. Οἱ ἐπισκέπται θά συναντοῦν τόν Μίκυ Μάους, τήν Χιονάτη καί ὅλους τούς ἥρωας τῶν ταινιῶν τοῦ Ντίσνεϋ. Ἡ ὁλοκλήρωσις τοῦ ἔργου ἀναμένεται ἐντός τῆς προσεχοῦς δεκαετίας καί τό κόστος ὑπολογίζεται εἰς ἑκατοντάδας ἑκατομμυρίων δολλαρίων. Οἱ ὑπεύθυνοι προβλέπουν ὅτι ἑκατομμύρια ἐπισκεπτῶν θά συρρέουν ἐτησίως ἀπό ὅλα τά μέρη τοῦ κόσμου, ἐνῷ ἤδη ἡ περιοχή γνωρίζει μεγάλην οἰκονομικήν ἀνάπτυξιν, μέ νέας κατοικίας, καταστήματα καί ὁδούς, πού δημιουργοῦνται εἰς τό περιθώριον τοῦ τεραστίου αὐτοῦ ἔργου. Ἡ ἀξία τῶν γαιῶν ἔχει ἤδη πολλαπλασιασθῆ. Ἡ ἀρχή τῆς λειτουργίας τοῦ πρώτου τμήματος προβλέπεται διά τό 1971, ἐνῷ ἡ πλήρης ἀνάπτυξις τοῦ κέντρου θά φθάσῃ μέχρι τό 1976.
